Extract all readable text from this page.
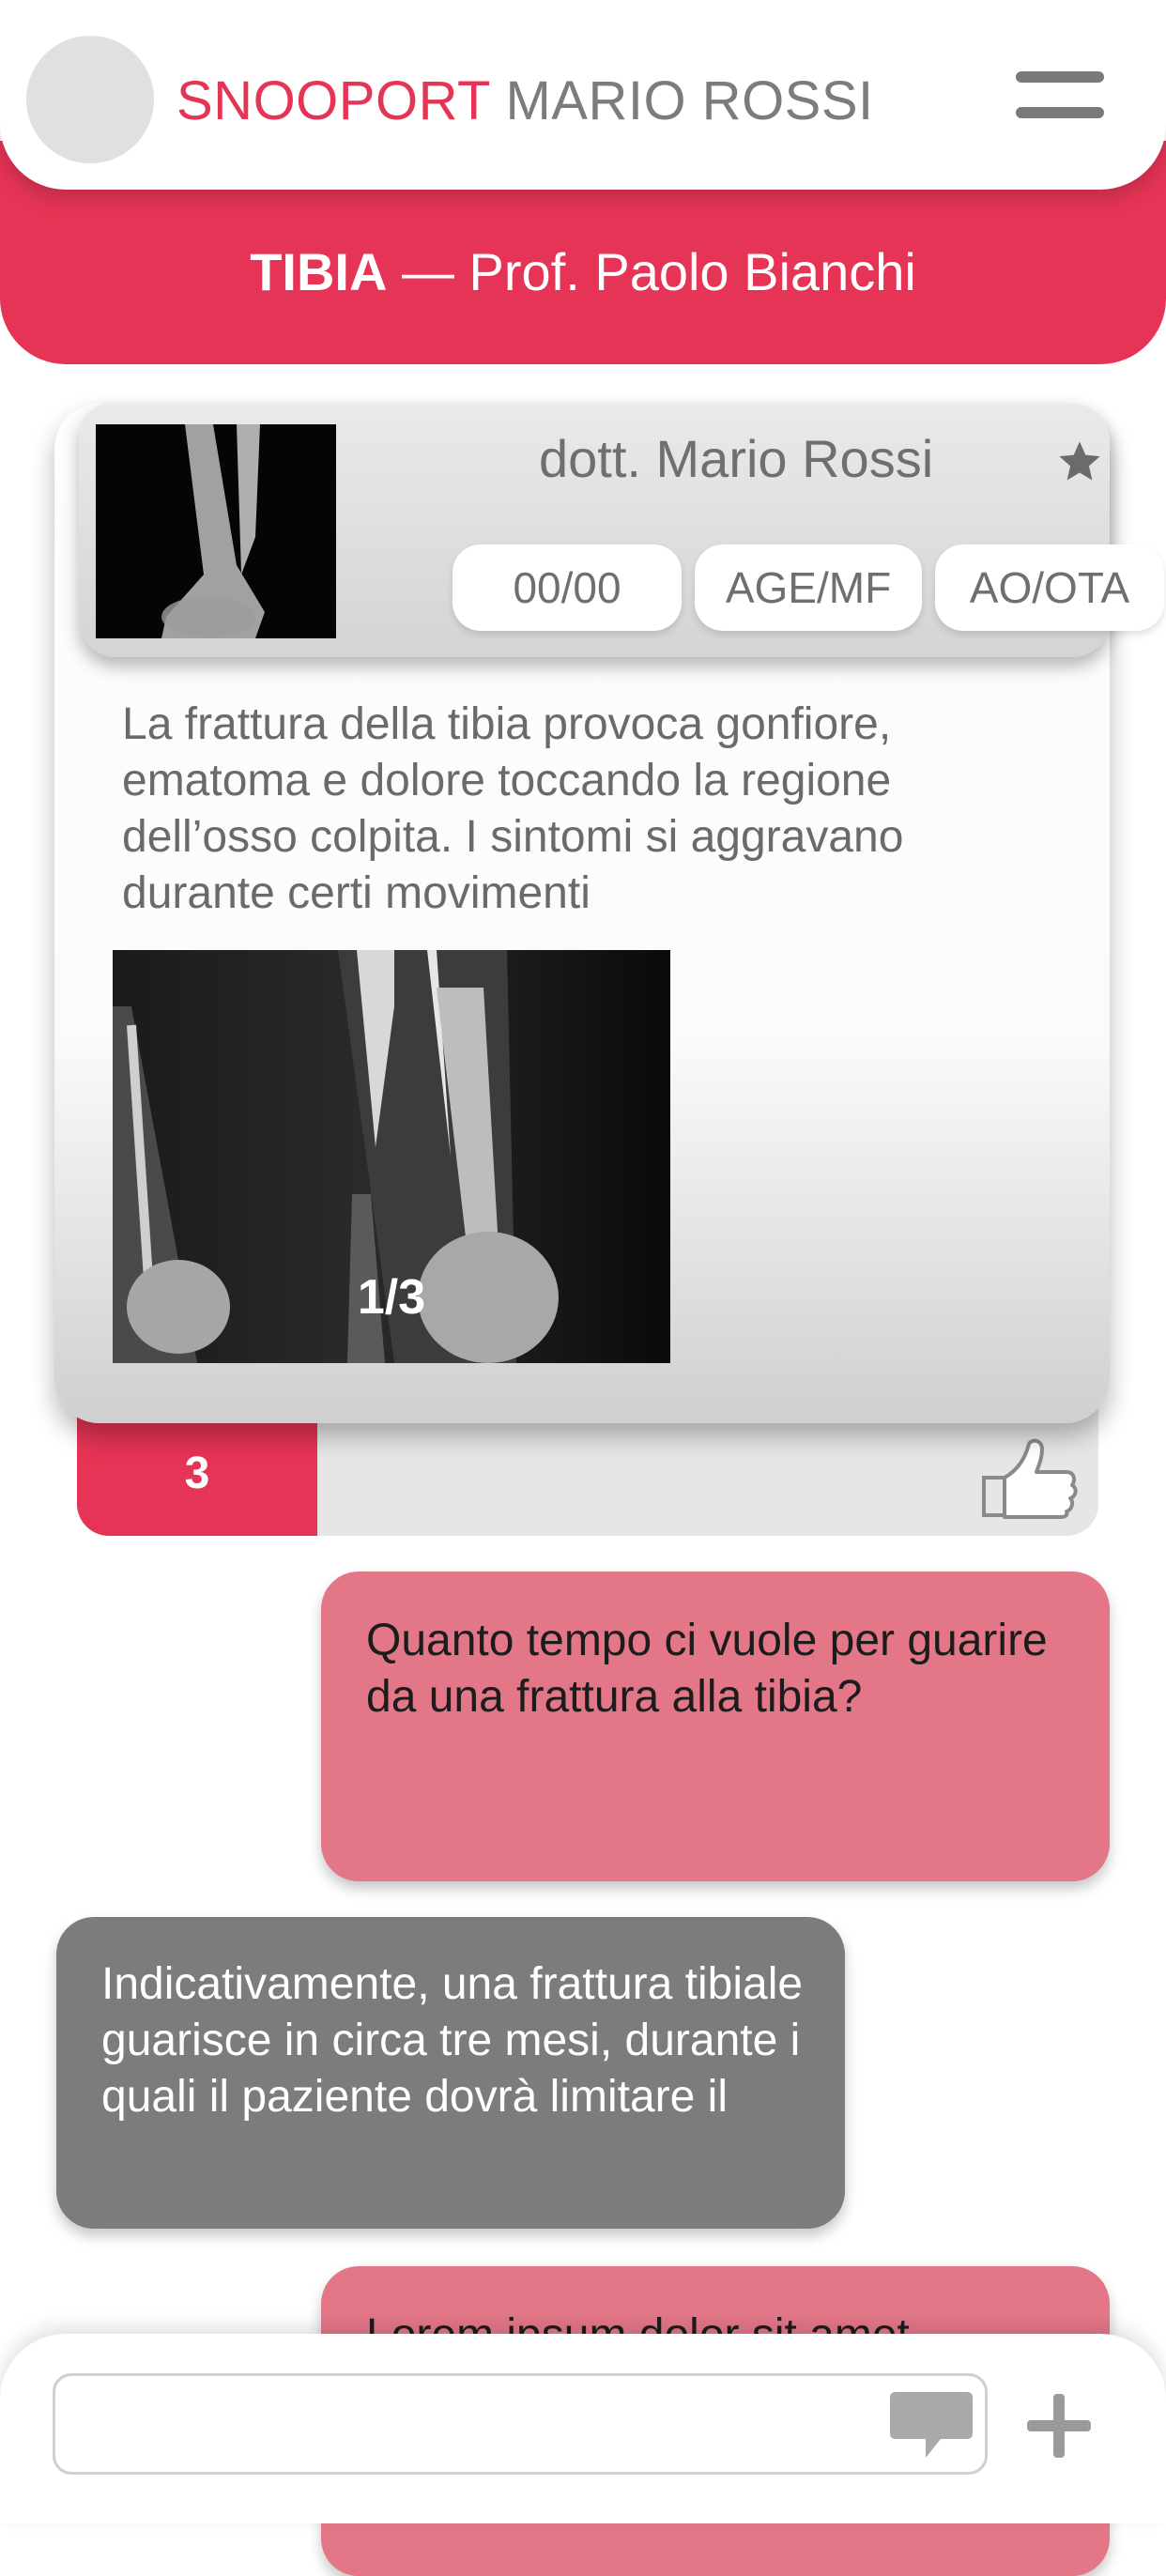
TIBIA — Prof. Paolo Bianchi
SNOOPORT MARIO ROSSI
3
dott. Mario Rossi
00/00	AGE/MF	AO/OTA
La frattura della tibia provoca gonfiore, ematoma e dolore toccando la regione dell’osso colpita. I sintomi si aggravano durante certi movimenti
1/3
Quanto tempo ci vuole per guarire da una frattura alla tibia?
Indicativamente, una frattura tibiale guarisce in circa tre mesi, durante i quali il paziente dovrà limitare il
